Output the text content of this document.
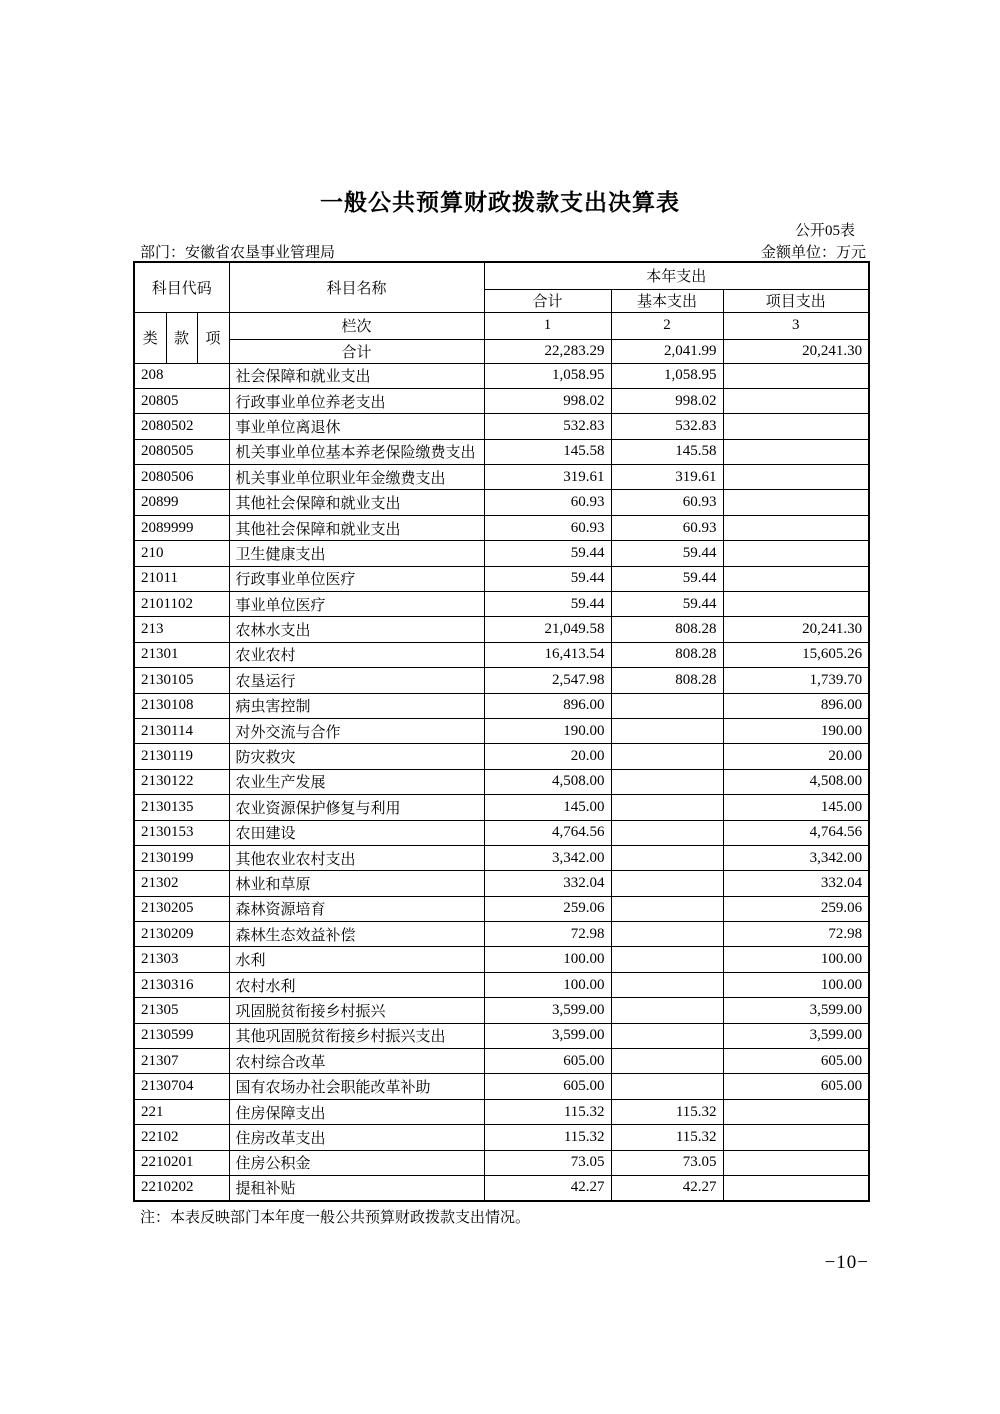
一般公共预算财政拨款支出决算表
公开05表
部门：安徽省农垦事业管理局	金额单位：万元
科目代码			科目名称	本年支出		
				合计	基本支出	项目支出
类	款	项	栏次	1	2	3
			合计	22,283.29	2,041.99	20,241.30
208			社会保障和就业支出	1,058.95	1,058.95	
20805			行政事业单位养老支出	998.02	998.02	
2080502			事业单位离退休	532.83	532.83	
2080505			机关事业单位基本养老保险缴费支出	145.58	145.58	
2080506			机关事业单位职业年金缴费支出	319.61	319.61	
20899			其他社会保障和就业支出	60.93	60.93	
2089999			其他社会保障和就业支出	60.93	60.93	
210			卫生健康支出	59.44	59.44	
21011			行政事业单位医疗	59.44	59.44	
2101102			事业单位医疗	59.44	59.44	
213			农林水支出	21,049.58	808.28	20,241.30
21301			农业农村	16,413.54	808.28	15,605.26
2130105			农垦运行	2,547.98	808.28	1,739.70
2130108			病虫害控制	896.00		896.00
2130114			对外交流与合作	190.00		190.00
2130119			防灾救灾	20.00		20.00
2130122			农业生产发展	4,508.00		4,508.00
2130135			农业资源保护修复与利用	145.00		145.00
2130153			农田建设	4,764.56		4,764.56
2130199			其他农业农村支出	3,342.00		3,342.00
21302			林业和草原	332.04		332.04
2130205			森林资源培育	259.06		259.06
2130209			森林生态效益补偿	72.98		72.98
21303			水利	100.00		100.00
2130316			农村水利	100.00		100.00
21305			巩固脱贫衔接乡村振兴	3,599.00		3,599.00
2130599			其他巩固脱贫衔接乡村振兴支出	3,599.00		3,599.00
21307			农村综合改革	605.00		605.00
2130704			国有农场办社会职能改革补助	605.00		605.00
221			住房保障支出	115.32	115.32	
22102			住房改革支出	115.32	115.32	
2210201			住房公积金	73.05	73.05	
2210202			提租补贴	42.27	42.27	
注：本表反映部门本年度一般公共预算财政拨款支出情况。
−10−
